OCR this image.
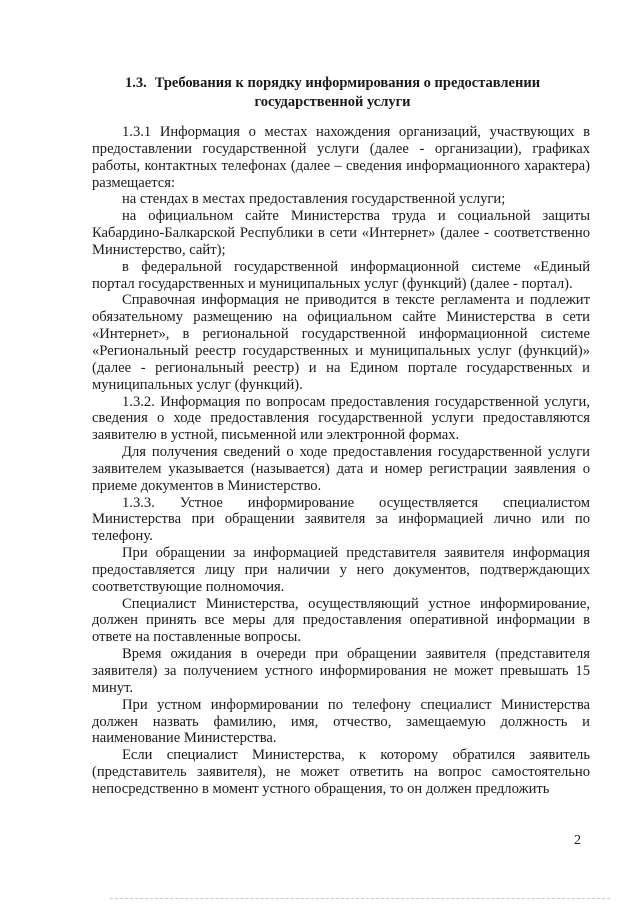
1.3. Требования к порядку информирования о предоставлении
государственной услуги

1.3.1 Информация о местах нахождения организаций, участвующих в предоставлении государственной услуги (далее - организации), графиках работы, контактных телефонах (далее – сведения информационного характера) размещается:

на стендах в местах предоставления государственной услуги;

на официальном сайте Министерства труда и социальной защиты Кабардино-Балкарской Республики в сети «Интернет» (далее - соответственно Министерство, сайт);

в федеральной государственной информационной системе «Единый портал государственных и муниципальных услуг (функций) (далее - портал).

Справочная информация не приводится в тексте регламента и подлежит обязательному размещению на официальном сайте Министерства в сети «Интернет», в региональной государственной информационной системе «Региональный реестр государственных и муниципальных услуг (функций)» (далее - региональный реестр) и на Едином портале государственных и муниципальных услуг (функций).

1.3.2. Информация по вопросам предоставления государственной услуги, сведения о ходе предоставления государственной услуги предоставляются заявителю в устной, письменной или электронной формах.

Для получения сведений о ходе предоставления государственной услуги заявителем указывается (называется) дата и номер регистрации заявления о приеме документов в Министерство.

1.3.3. Устное информирование осуществляется специалистом Министерства при обращении заявителя за информацией лично или по телефону.

При обращении за информацией представителя заявителя информация предоставляется лицу при наличии у него документов, подтверждающих соответствующие полномочия.

Специалист Министерства, осуществляющий устное информирование, должен принять все меры для предоставления оперативной информации в ответе на поставленные вопросы.

Время ожидания в очереди при обращении заявителя (представителя заявителя) за получением устного информирования не может превышать 15 минут.

При устном информировании по телефону специалист Министерства должен назвать фамилию, имя, отчество, замещаемую должность и наименование Министерства.

Если специалист Министерства, к которому обратился заявитель (представитель заявителя), не может ответить на вопрос самостоятельно непосредственно в момент устного обращения, то он должен предложить

2
